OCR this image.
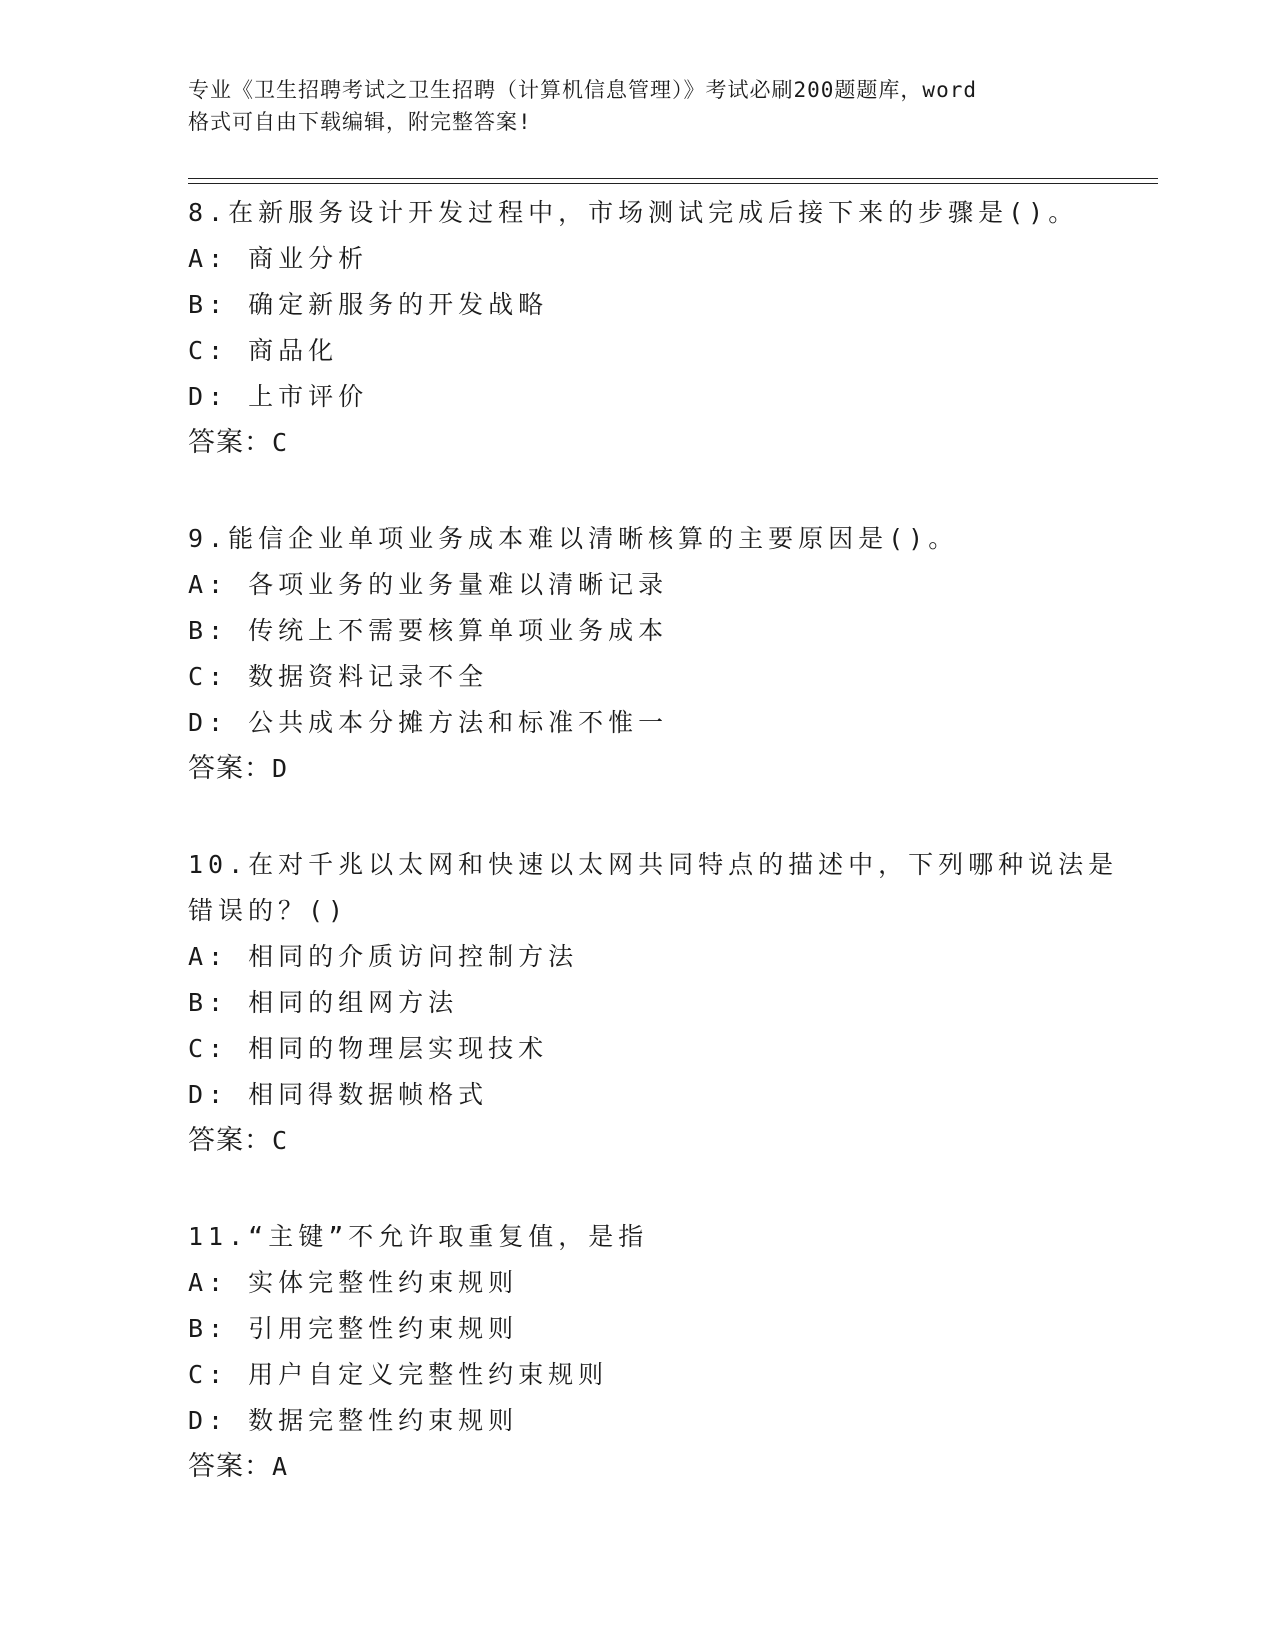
专业《卫生招聘考试之卫生招聘（计算机信息管理）》考试必刷200题题库，word
格式可自由下载编辑，附完整答案!
8.在新服务设计开发过程中，市场测试完成后接下来的步骤是()。
A: 商业分析
B: 确定新服务的开发战略
C: 商品化
D: 上市评价
答案：C
9.能信企业单项业务成本难以清晰核算的主要原因是()。
A: 各项业务的业务量难以清晰记录
B: 传统上不需要核算单项业务成本
C: 数据资料记录不全
D: 公共成本分摊方法和标准不惟一
答案：D
10.在对千兆以太网和快速以太网共同特点的描述中，下列哪种说法是
错误的？()
A: 相同的介质访问控制方法
B: 相同的组网方法
C: 相同的物理层实现技术
D: 相同得数据帧格式
答案：C
11.“主键”不允许取重复值，是指
A: 实体完整性约束规则
B: 引用完整性约束规则
C: 用户自定义完整性约束规则
D: 数据完整性约束规则
答案：A
